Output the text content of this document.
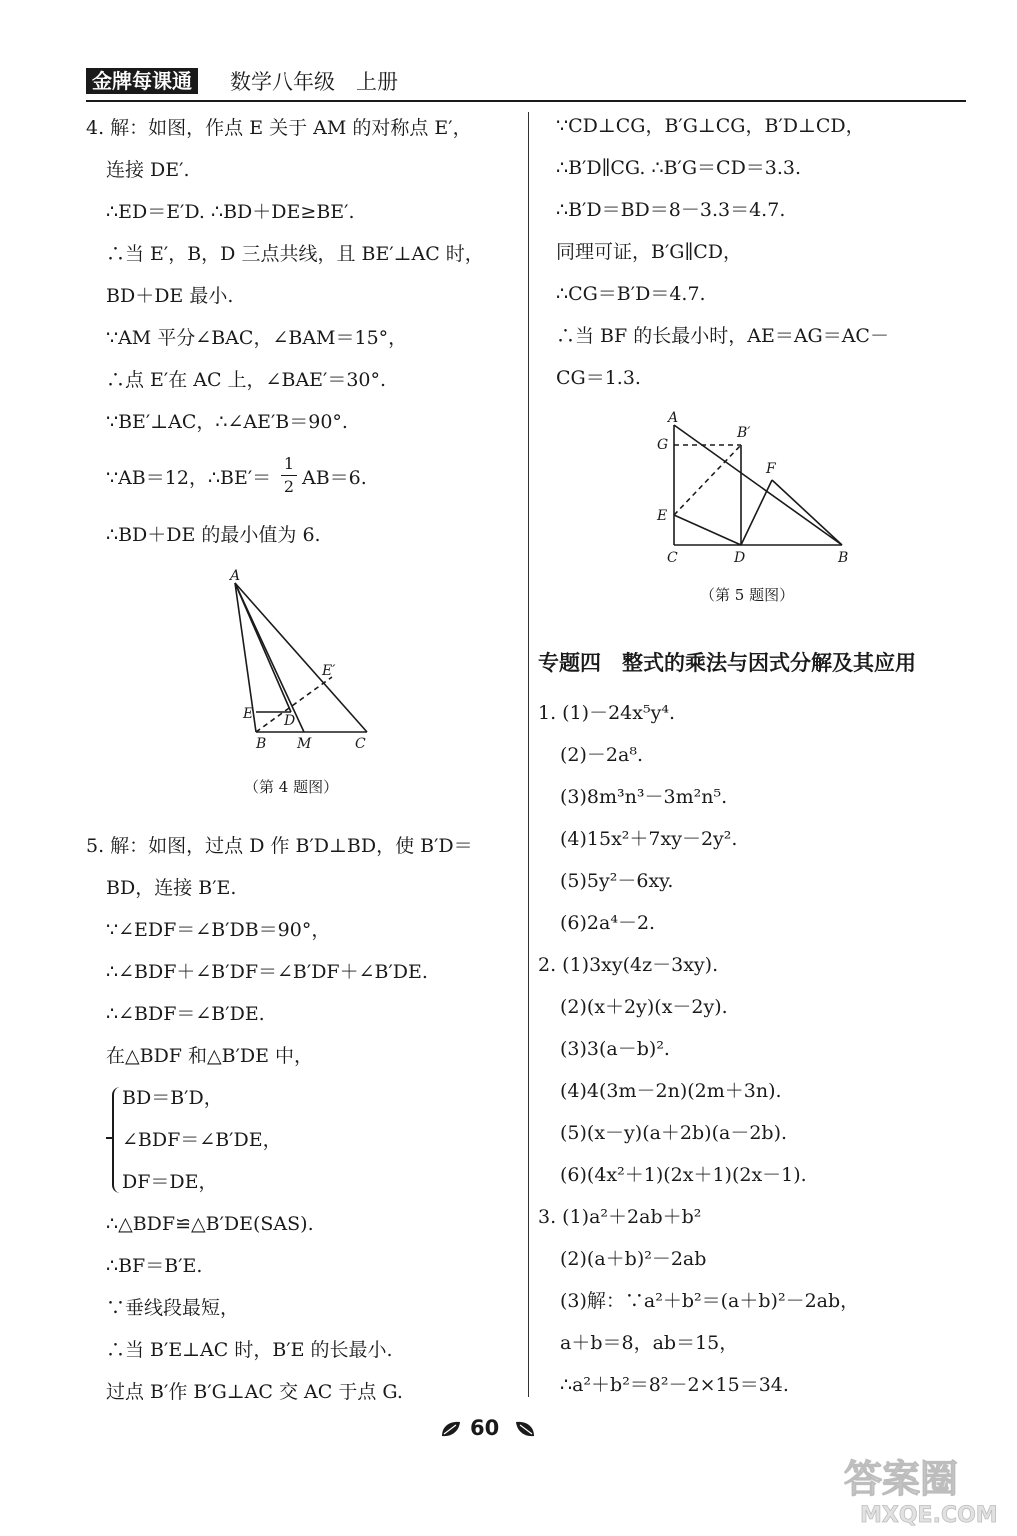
金牌每课通 数学八年级　上册
4. 解：如图，作点 E 关于 AM 的对称点 E′，
连接 DE′.
∴ED＝E′D. ∴BD＋DE≥BE′.
∴当 E′，B，D 三点共线，且 BE′⊥AC 时，
BD＋DE 最小.
∵AM 平分∠BAC，∠BAM＝15°，
∴点 E′在 AC 上，∠BAE′＝30°.
∵BE′⊥AC，∴∠AE′B＝90°.
∵AB＝12，∴BE′＝
1
2 AB＝6.
∴BD＋DE 的最小值为 6.
A
B M	C
E D
E′
（第 4 题图）
5. 解：如图，过点 D 作 B′D⊥BD，使 B′D＝
BD，连接 B′E.
∵∠EDF＝∠B′DB＝90°，
∴∠BDF＋∠B′DF＝∠B′DF＋∠B′DE.
∴∠BDF＝∠B′DE.
在△BDF 和△B′DE 中，
BD＝B′D，
∠BDF＝∠B′DE，
DF＝DE，
∴△BDF≌△B′DE(SAS).
∴BF＝B′E.
∵垂线段最短，
∴当 B′E⊥AC 时，B′E 的长最小.
过点 B′作 B′G⊥AC 交 AC 于点 G.
∵CD⊥CG，B′G⊥CG，B′D⊥CD，
∴B′D∥CG. ∴B′G＝CD＝3.3.
∴B′D＝BD＝8－3.3＝4.7.
同理可证，B′G∥CD，
∴CG＝B′D＝4.7.
∴当 BF 的长最小时，AE＝AG＝AC－
CG＝1.3.
A
G
B′
F
E
C	D	B
（第 5 题图）
专题四　整式的乘法与因式分解及其应用
1. (1)－24x⁵y⁴.
(2)－2a⁸.
(3)8m³n³－3m²n⁵.
(4)15x²＋7xy－2y².
(5)5y²－6xy.
(6)2a⁴－2.
2. (1)3xy(4z－3xy).
(2)(x＋2y)(x－2y).
(3)3(a－b)².
(4)4(3m－2n)(2m＋3n).
(5)(x－y)(a＋2b)(a－2b).
(6)(4x²＋1)(2x＋1)(2x－1).
3. (1)a²＋2ab＋b²
(2)(a＋b)²－2ab
(3)解：∵a²＋b²＝(a＋b)²－2ab，
a＋b＝8，ab＝15，
∴a²＋b²＝8²－2×15＝34.
60
答案圈
MXQE.COM
